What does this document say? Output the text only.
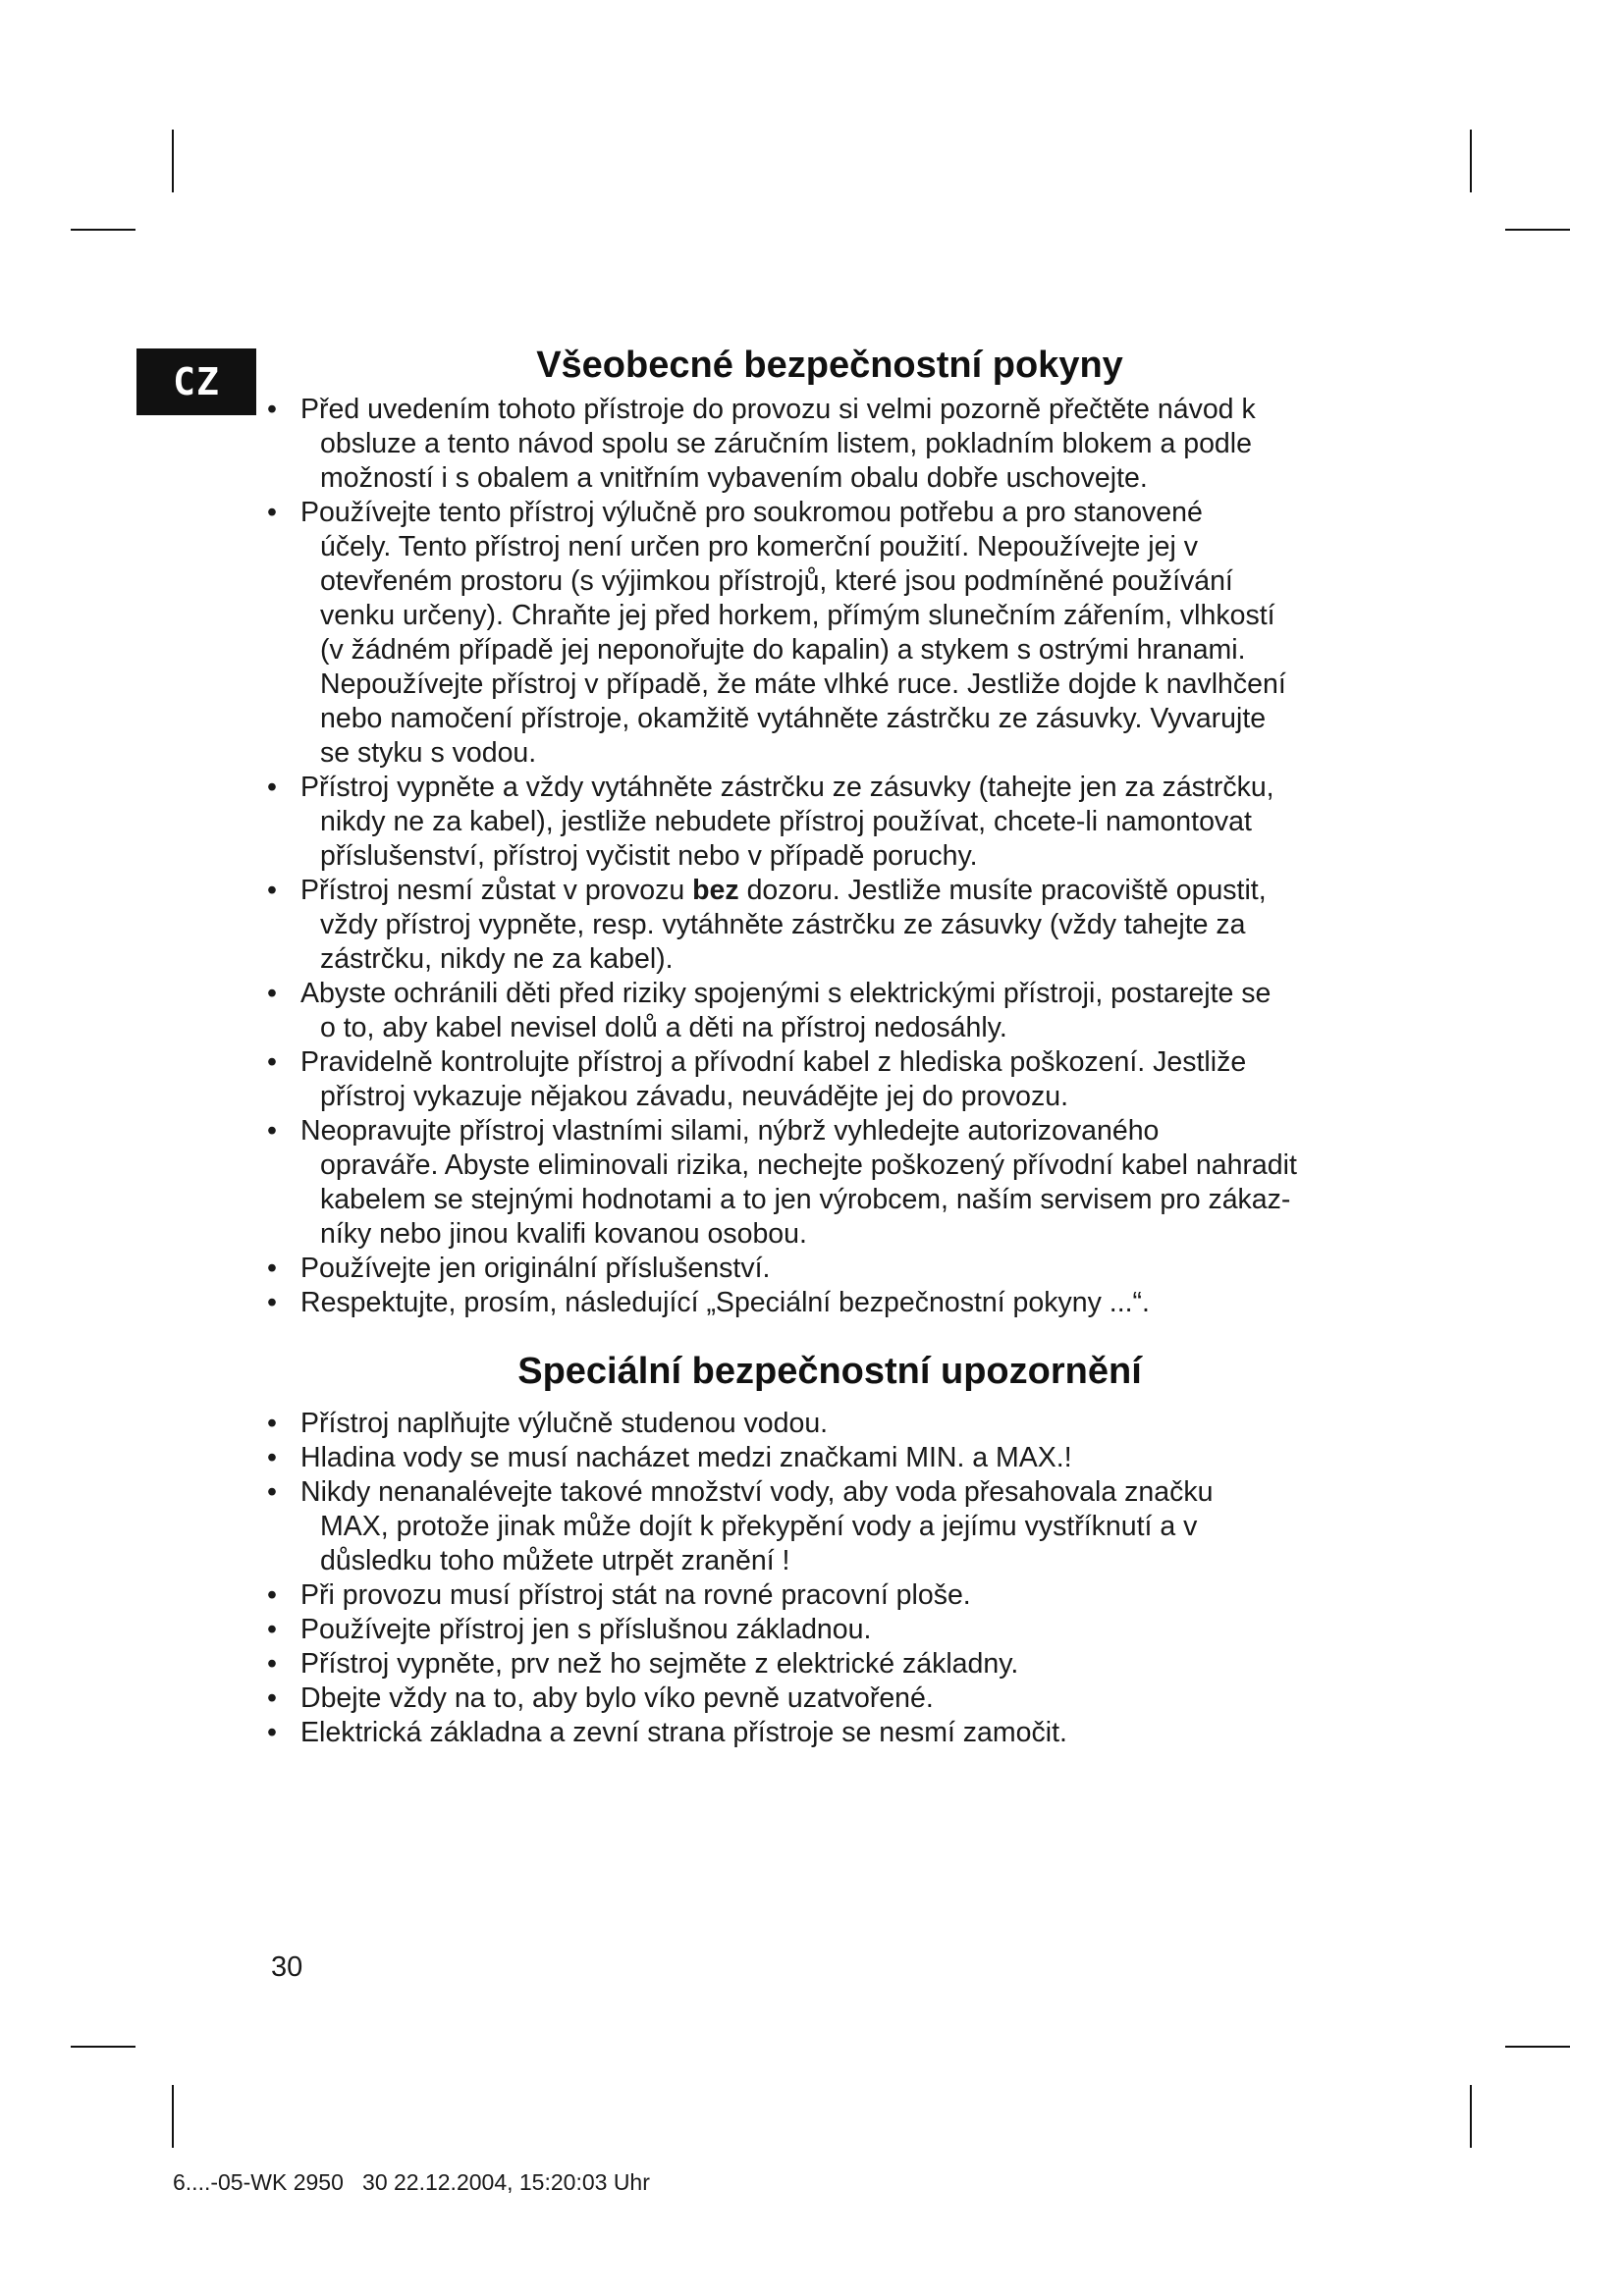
CZ	Všeobecné bezpečnostní pokyny
• Před uvedením tohoto přístroje do provozu si velmi pozorně přečtěte návod k
obsluze a tento návod spolu se záručním listem, pokladním blokem a podle
možností i s obalem a vnitřním vybavením obalu dobře uschovejte.
• Používejte tento přístroj výlučně pro soukromou potřebu a pro stanovené
účely. Tento přístroj není určen pro komerční použití. Nepoužívejte jej v
otevřeném prostoru (s výjimkou přístrojů, které jsou podmíněné používání
venku určeny). Chraňte jej před horkem, přímým slunečním zářením, vlhkostí
(v žádném případě jej neponořujte do kapalin) a stykem s ostrými hranami.
Nepoužívejte přístroj v případě, že máte vlhké ruce. Jestliže dojde k navlhčení
nebo namočení přístroje, okamžitě vytáhněte zástrčku ze zásuvky. Vyvarujte
se styku s vodou.
• Přístroj vypněte a vždy vytáhněte zástrčku ze zásuvky (tahejte jen za zástrčku,
nikdy ne za kabel), jestliže nebudete přístroj používat, chcete-li namontovat
příslušenství, přístroj vyčistit nebo v případě poruchy.
• Přístroj nesmí zůstat v provozu bez dozoru. Jestliže musíte pracoviště opustit,
vždy přístroj vypněte, resp. vytáhněte zástrčku ze zásuvky (vždy tahejte za
zástrčku, nikdy ne za kabel).
• Abyste ochránili děti před riziky spojenými s elektrickými přístroji, postarejte se
o to, aby kabel nevisel dolů a děti na přístroj nedosáhly.
• Pravidelně kontrolujte přístroj a přívodní kabel z hlediska poškození. Jestliže
přístroj vykazuje nějakou závadu, neuvádějte jej do provozu.
• Neopravujte přístroj vlastními silami, nýbrž vyhledejte autorizovaného
opraváře. Abyste eliminovali rizika, nechejte poškozený přívodní kabel nahradit
kabelem se stejnými hodnotami a to jen výrobcem, naším servisem pro zákaz-
níky nebo jinou kvalifi kovanou osobou.
• Používejte jen originální příslušenství.
• Respektujte, prosím, následující „Speciální bezpečnostní pokyny ...“.
Speciální bezpečnostní upozornění
• Přístroj naplňujte výlučně studenou vodou.
• Hladina vody se musí nacházet medzi značkami MIN. a MAX.!
• Nikdy nenanalévejte takové množství vody, aby voda přesahovala značku
MAX, protože jinak může dojít k překypění vody a jejímu vystříknutí a v
důsledku toho můžete utrpět zranění !
• Při provozu musí přístroj stát na rovné pracovní ploše.
• Používejte přístroj jen s příslušnou základnou.
• Přístroj vypněte, prv než ho sejměte z elektrické základny.
• Dbejte vždy na to, aby bylo víko pevně uzatvořené.
• Elektrická základna a zevní strana přístroje se nesmí zamočit.
30
6....-05-WK 2950   30 22.12.2004, 15:20:03 Uhr
